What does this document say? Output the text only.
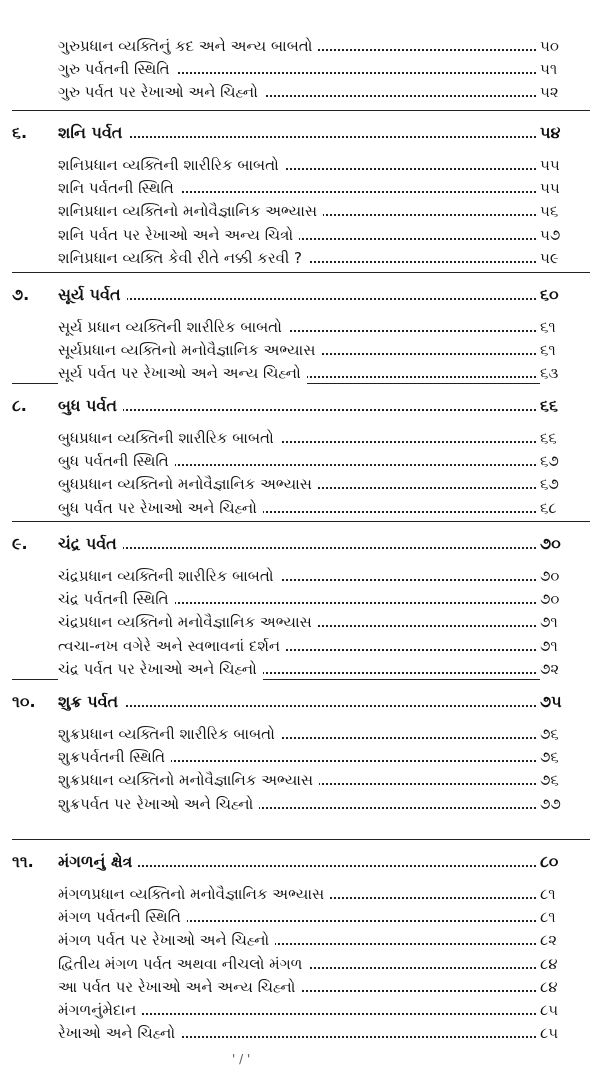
ગુરુપ્રધાન વ્યક્તિનું કદ અને અન્ય બાબતો	૫૦
ગુરુ પર્વતની સ્થિતિ	૫૧
ગુરુ પર્વત પર રેખાઓ અને ચિહ્નો	૫૨
૬. શનિ પર્વત	૫૪
શનિપ્રધાન વ્યક્તિની શારીરિક બાબતો	૫૫
શનિ પર્વતની સ્થિતિ	૫૫
શનિપ્રધાન વ્યક્તિનો મનોવૈજ્ઞાનિક અભ્યાસ	૫૬
શનિ પર્વત પર રેખાઓ અને અન્ય ચિત્રો	૫૭
શનિપ્રધાન વ્યક્તિ કેવી રીતે નક્કી કરવી ?	૫૯
૭. સૂર્ય પર્વત	૬૦
સૂર્ય પ્રધાન વ્યક્તિની શારીરિક બાબતો	૬૧
સૂર્યપ્રધાન વ્યક્તિનો મનોવૈજ્ઞાનિક અભ્યાસ	૬૧
સૂર્ય પર્વત પર રેખાઓ અને અન્ય ચિહ્નો	૬૩
૮. બુધ પર્વત	૬૬
બુધપ્રધાન વ્યક્તિની શારીરિક બાબતો	૬૬
બુધ પર્વતની સ્થિતિ	૬૭
બુધપ્રધાન વ્યક્તિનો મનોવૈજ્ઞાનિક અભ્યાસ	૬૭
બુધ પર્વત પર રેખાઓ અને ચિહ્નો	૬૮
૯. ચંદ્ર પર્વત	૭૦
ચંદ્રપ્રધાન વ્યક્તિની શારીરિક બાબતો	૭૦
ચંદ્ર પર્વતની સ્થિતિ	૭૦
ચંદ્રપ્રધાન વ્યક્તિનો મનોવૈજ્ઞાનિક અભ્યાસ	૭૧
ત્વચા-નખ વગેરે અને સ્વભાવનાં દર્શન	૭૧
ચંદ્ર પર્વત પર રેખાઓ અને ચિહ્નો	૭૨
૧૦. શુક્ર પર્વત	૭૫
શુક્રપ્રધાન વ્યક્તિની શારીરિક બાબતો	૭૬
શુક્રપર્વતની સ્થિતિ	૭૬
શુક્રપ્રધાન વ્યક્તિનો મનોવૈજ્ઞાનિક અભ્યાસ	૭૬
શુક્રપર્વત પર રેખાઓ અને ચિહ્નો	૭૭
૧૧. મંગળનું ક્ષેત્ર	૮૦
મંગળપ્રધાન વ્યક્તિનો મનોવૈજ્ઞાનિક અભ્યાસ	૮૧
મંગળ પર્વતની સ્થિતિ	૮૧
મંગળ પર્વત પર રેખાઓ અને ચિહ્નો	૮૨
દ્વિતીય મંગળ પર્વત અથવા નીચલો મંગળ	૮૪
આ પર્વત પર રેખાઓ અને અન્ય ચિહ્નો	૮૪
મંગળનુંમેદાન	૮૫
રેખાઓ અને ચિહ્નો	૮૫
' / '
